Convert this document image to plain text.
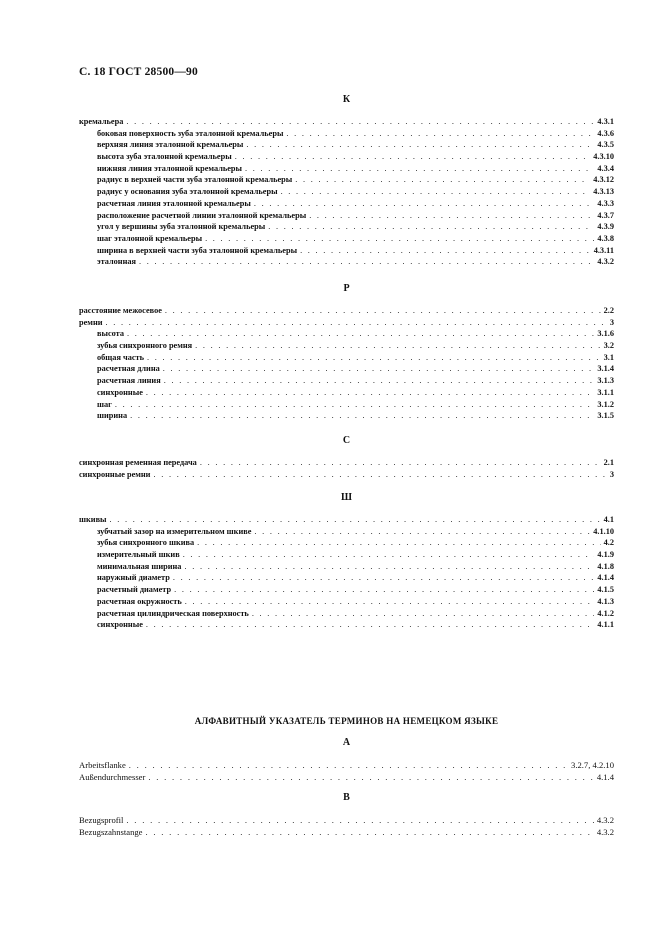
С. 18 ГОСТ 28500—90
К
кремальера . . .	4.3.1
боковая поверхность зуба эталонной кремальеры . . .	4.3.6
верхняя линия эталонной кремальеры . . .	4.3.5
высота зуба эталонной кремальеры . . .	4.3.10
нижняя линия эталонной кремальеры . . .	4.3.4
радиус в верхней части зуба эталонной кремальеры . . .	4.3.12
радиус у основания зуба эталонной кремальеры . . .	4.3.13
расчетная линия эталонной кремальеры . . .	4.3.3
расположение расчетной линии эталонной кремальеры . . .	4.3.7
угол у вершины зуба эталонной кремальеры . . .	4.3.9
шаг эталонной кремальеры . . .	4.3.8
ширина в верхней части зуба эталонной кремальеры . . .	4.3.11
эталонная . . .	4.3.2
Р
расстояние межосевое . . .	2.2
ремни . . .	3
высота . . .	3.1.6
зубья синхронного ремня . . .	3.2
общая часть . . .	3.1
расчетная длина . . .	3.1.4
расчетная линия . . .	3.1.3
синхронные . . .	3.1.1
шаг . . .	3.1.2
ширина . . .	3.1.5
С
синхронная ременная передача . . .	2.1
синхронные ремни . . .	3
Ш
шкивы . . .	4.1
зубчатый зазор на измерительном шкиве . . .	4.1.10
зубья синхронного шкива . . .	4.2
измерительный шкив . . .	4.1.9
минимальная ширина . . .	4.1.8
наружный диаметр . . .	4.1.4
расчетный диаметр . . .	4.1.5
расчетная окружность . . .	4.1.3
расчетная цилиндрическая поверхность . . .	4.1.2
синхронные . . .	4.1.1
АЛФАВИТНЫЙ УКАЗАТЕЛЬ ТЕРМИНОВ НА НЕМЕЦКОМ ЯЗЫКЕ
A
Arbeitsflanke . . .	3.2.7, 4.2.10
Außendurchmesser . . .	4.1.4
B
Bezugsprofil . . .	4.3.2
Bezugszahnstange . . .	4.3.2
